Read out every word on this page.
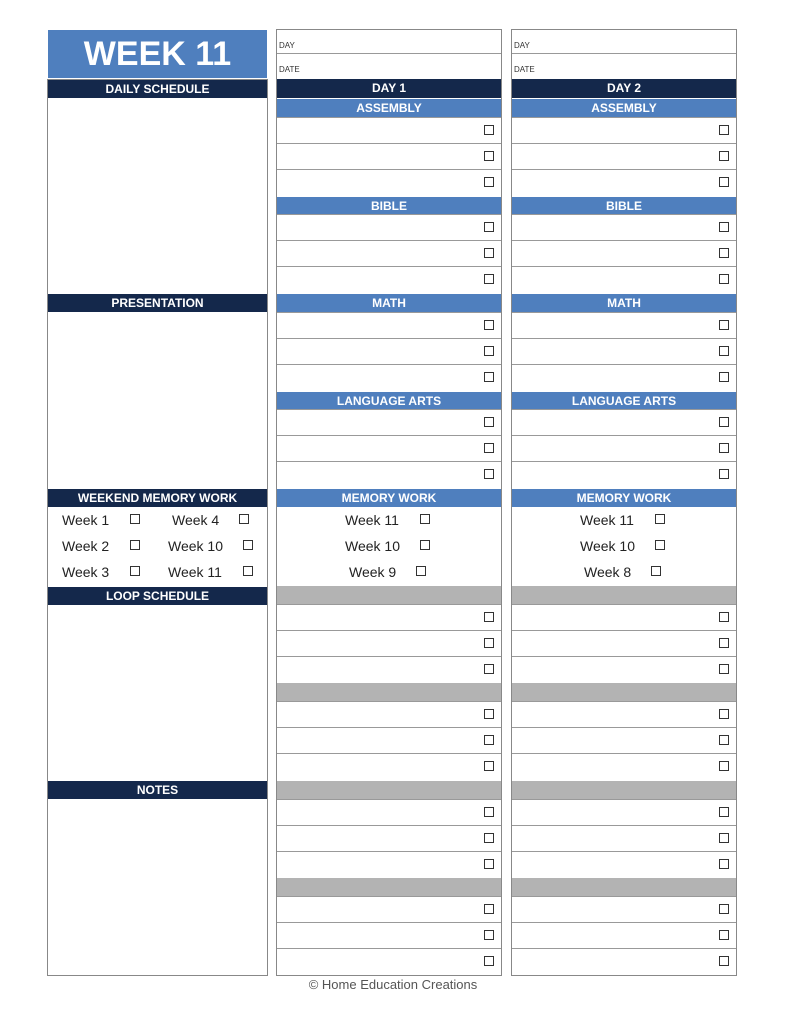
WEEK 11
DAILY SCHEDULE
PRESENTATION
WEEKEND MEMORY WORK
Week 1	Week 4
Week 2	Week 10
Week 3	Week 11
LOOP SCHEDULE
NOTES
DAY
DATE
DAY 1
ASSEMBLY
BIBLE
MATH
LANGUAGE ARTS
MEMORY WORK
Week 11
Week 10
Week 9
DAY
DATE
DAY 2
ASSEMBLY
BIBLE
MATH
LANGUAGE ARTS
MEMORY WORK
Week 11
Week 10
Week 8
© Home Education Creations
